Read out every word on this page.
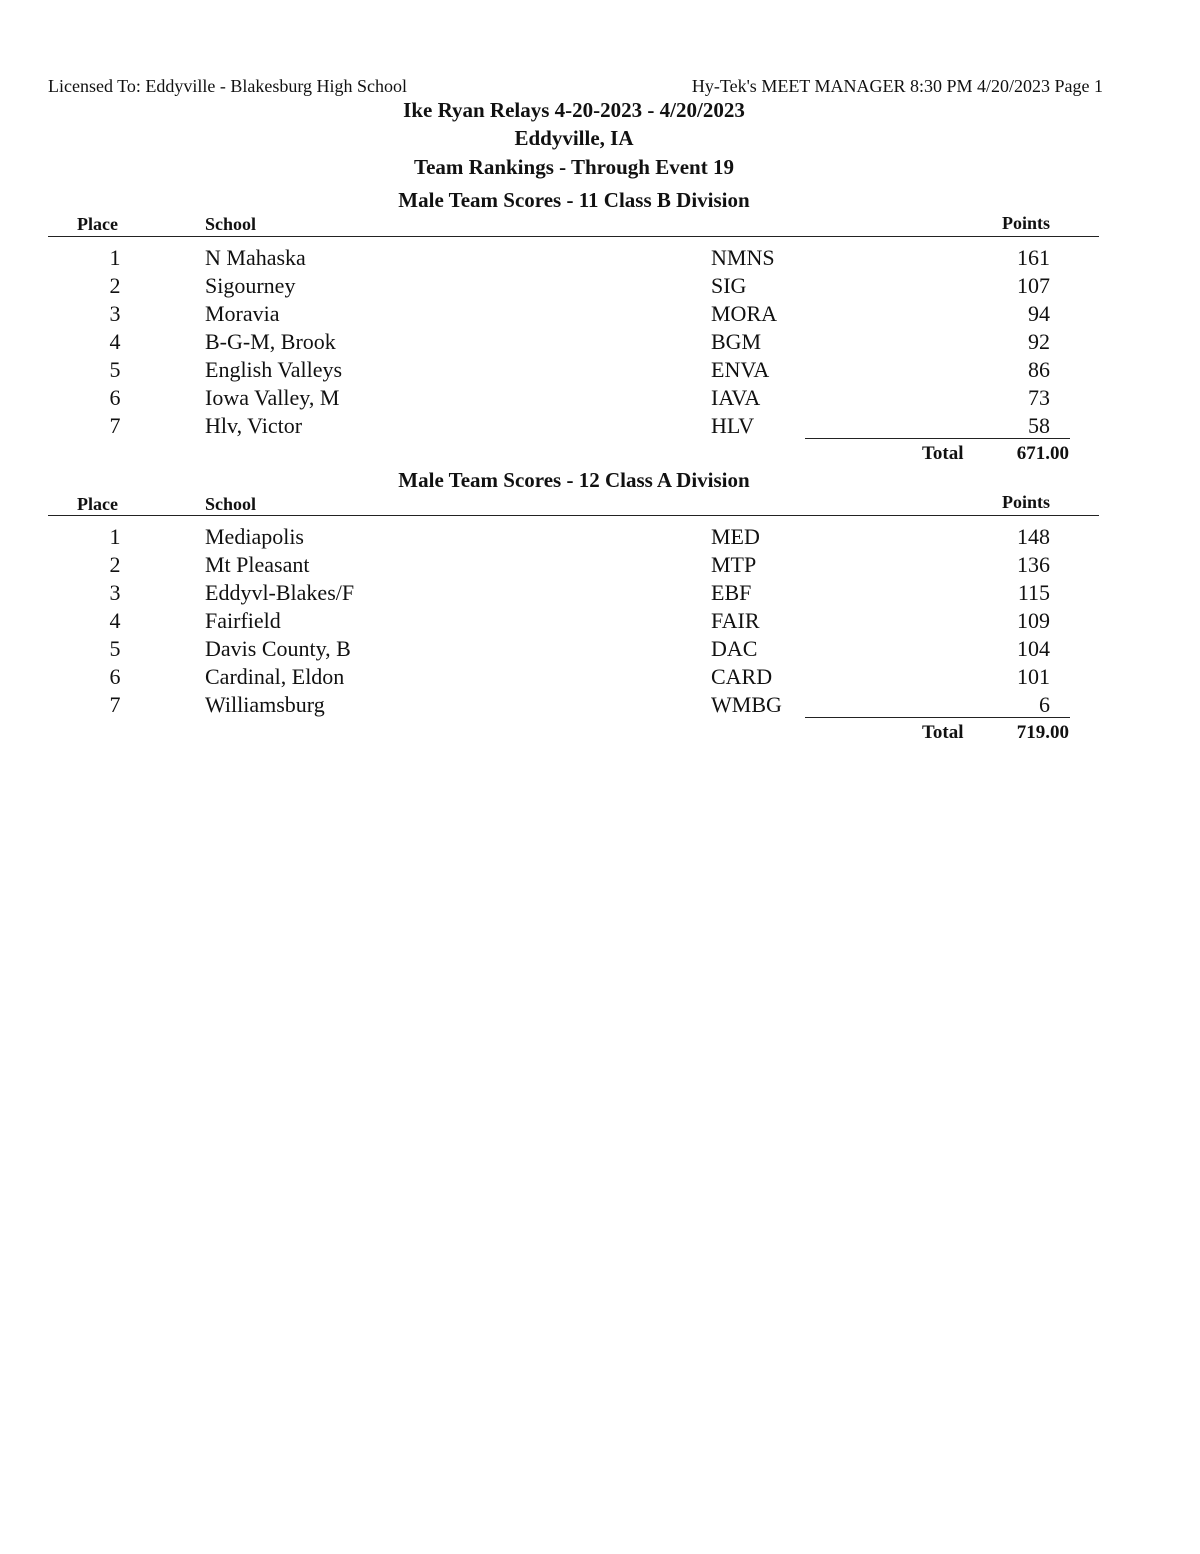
Licensed To: Eddyville - Blakesburg High School	Hy-Tek's MEET MANAGER 8:30 PM 4/20/2023 Page 1
Ike Ryan Relays 4-20-2023 - 4/20/2023
Eddyville, IA
Team Rankings - Through Event 19
Male Team Scores - 11 Class B Division
Place	School	Points
1	N Mahaska	NMNS	161
2	Sigourney	SIG	107
3	Moravia	MORA	94
4	B-G-M, Brook	BGM	92
5	English Valleys	ENVA	86
6	Iowa Valley, M	IAVA	73
7	Hlv, Victor	HLV	58
Total	671.00
Male Team Scores - 12 Class A Division
Place	School	Points
1	Mediapolis	MED	148
2	Mt Pleasant	MTP	136
3	Eddyvl-Blakes/F	EBF	115
4	Fairfield	FAIR	109
5	Davis County, B	DAC	104
6	Cardinal, Eldon	CARD	101
7	Williamsburg	WMBG	6
Total	719.00
